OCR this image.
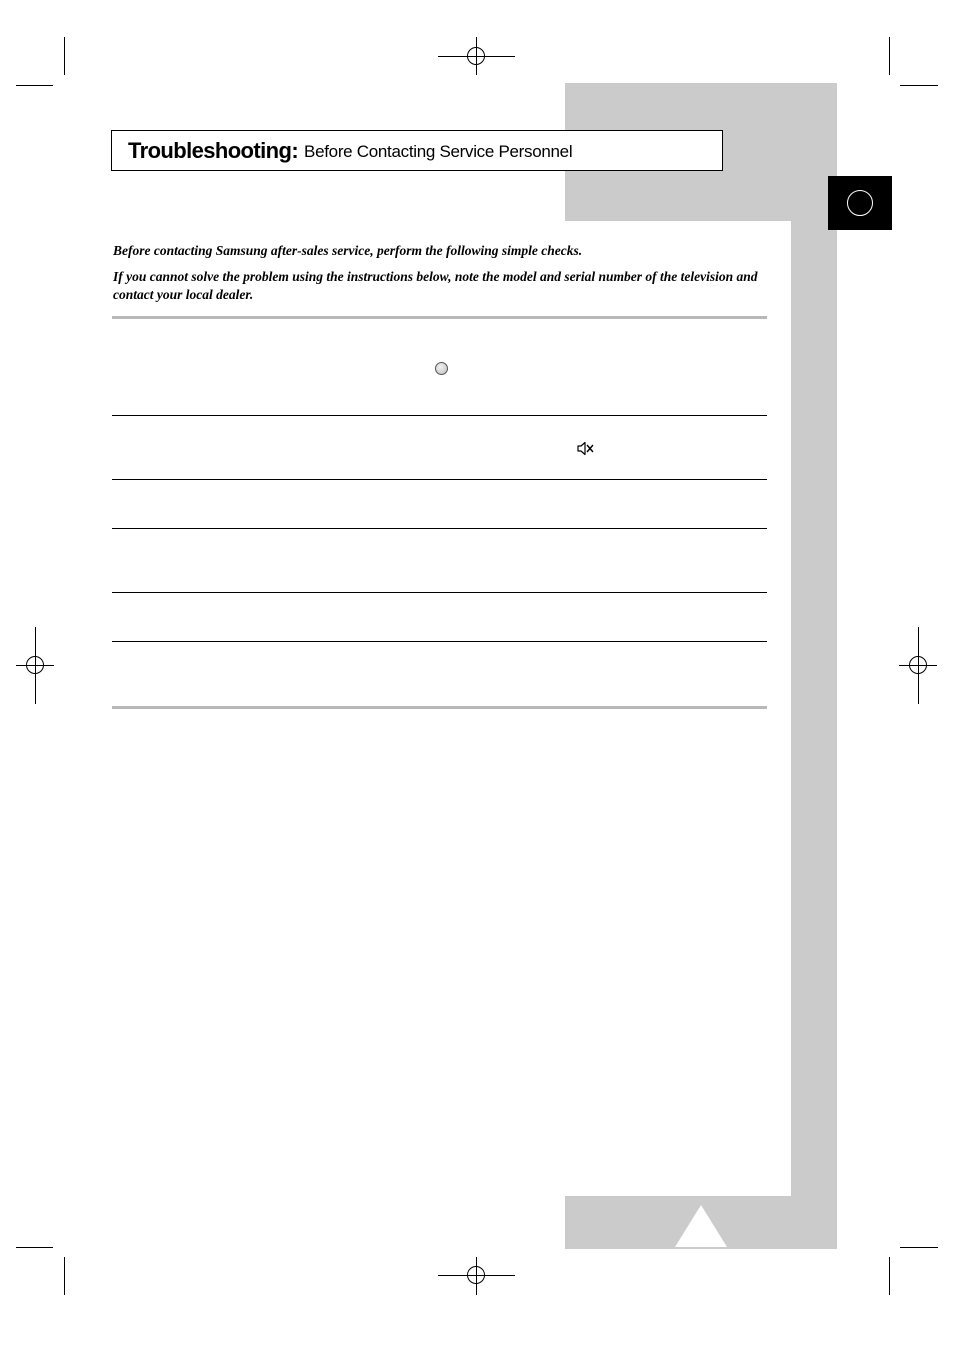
Troubleshooting: Before Contacting Service Personnel

Before contacting Samsung after-sales service, perform the following simple checks.

If you cannot solve the problem using the instructions below, note the model and serial number of the television and contact your local dealer.
